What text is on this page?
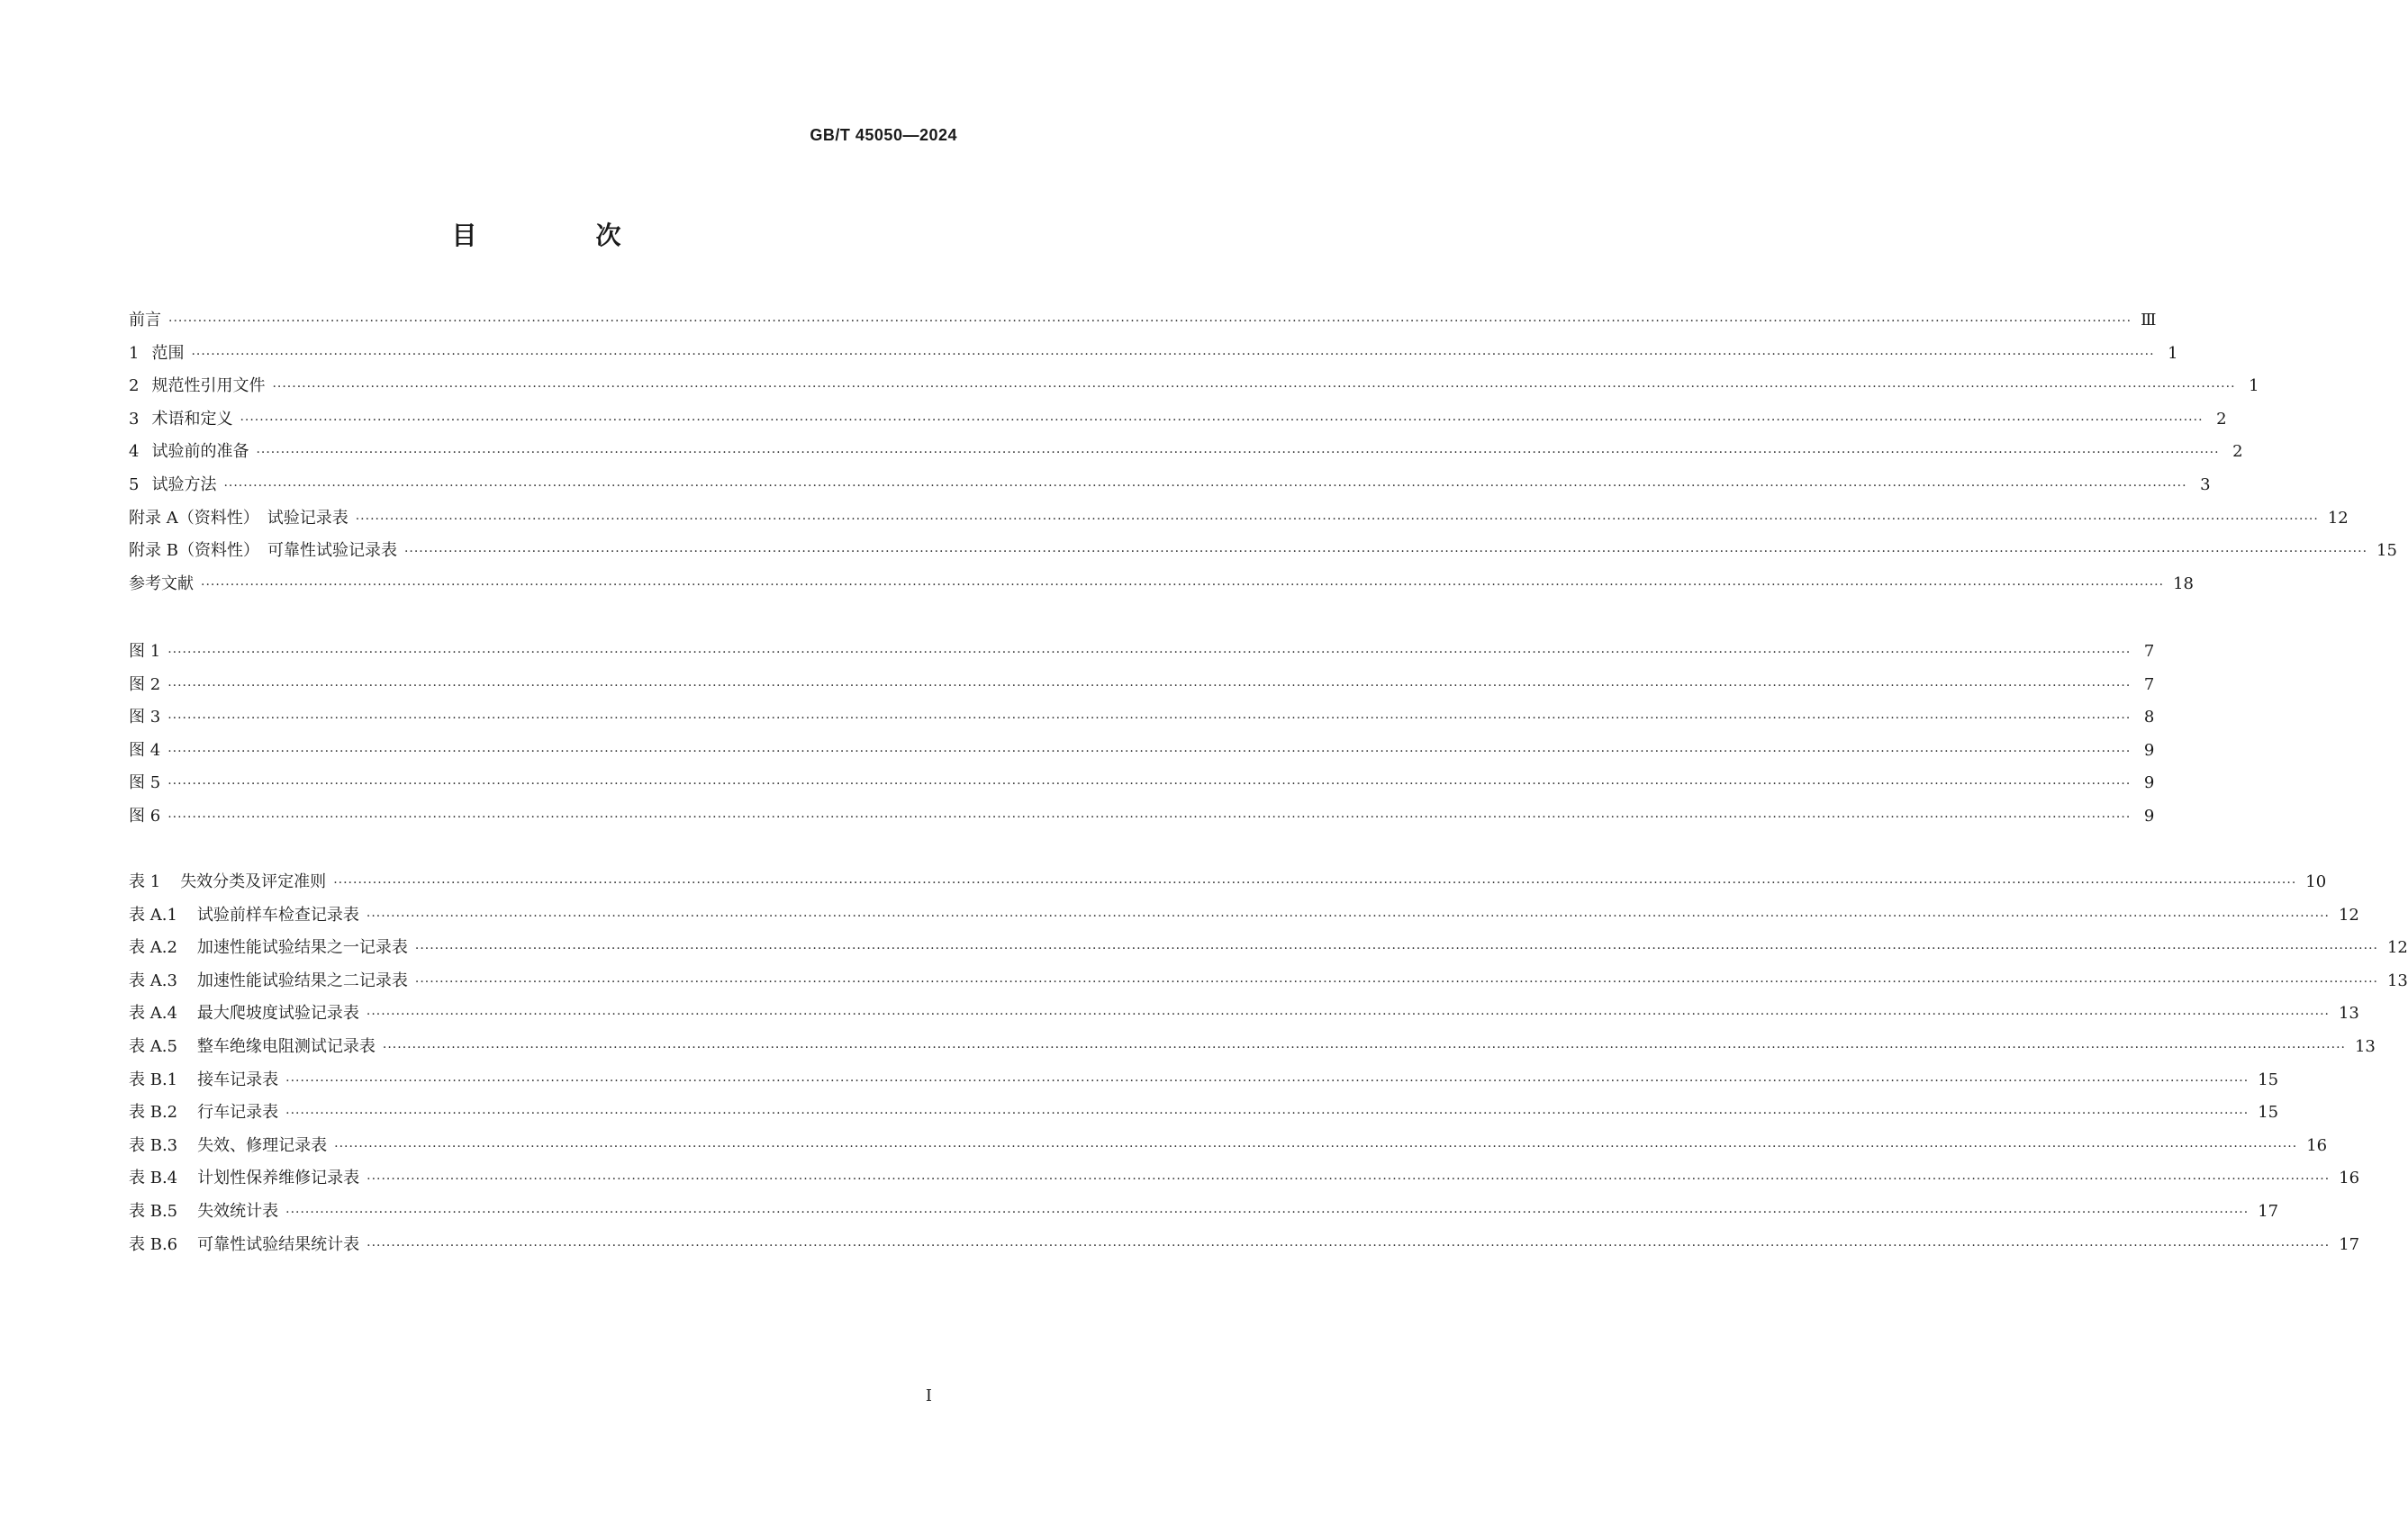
GB/T 45050—2024
目　次
前言 ················································································································································································································································································································································································································ Ⅲ
1 范围 ················································································································································································································································································································································································································ 1
2 规范性引用文件 ················································································································································································································································································································································································································ 1
3 术语和定义 ················································································································································································································································································································································································································ 2
4 试验前的准备 ················································································································································································································································································································································································································ 2
5 试验方法 ················································································································································································································································································································································································································ 3
附录 A（资料性）　试验记录表 ················································································································································································································································································································································································································ 12
附录 B（资料性）　可靠性试验记录表 ················································································································································································································································································································································································································ 15
参考文献 ················································································································································································································································································································································································································ 18
图 1 ················································································································································································································································································································································································································ 7
图 2 ················································································································································································································································································································································································································ 7
图 3 ················································································································································································································································································································································································································ 8
图 4 ················································································································································································································································································································································································································ 9
图 5 ················································································································································································································································································································································································································ 9
图 6 ················································································································································································································································································································································································································ 9
表 1 失效分类及评定准则 ················································································································································································································································································································································································································ 10
表 A.1 试验前样车检查记录表 ················································································································································································································································································································································································································ 12
表 A.2 加速性能试验结果之一记录表 ················································································································································································································································································································································································································ 12
表 A.3 加速性能试验结果之二记录表 ················································································································································································································································································································································································································ 13
表 A.4 最大爬坡度试验记录表 ················································································································································································································································································································································································································ 13
表 A.5 整车绝缘电阻测试记录表 ················································································································································································································································································································································································································ 13
表 B.1 接车记录表 ················································································································································································································································································································································································································ 15
表 B.2 行车记录表 ················································································································································································································································································································································································································ 15
表 B.3 失效、修理记录表 ················································································································································································································································································································································································································ 16
表 B.4 计划性保养维修记录表 ················································································································································································································································································································································································································ 16
表 B.5 失效统计表 ················································································································································································································································································································································································································ 17
表 B.6 可靠性试验结果统计表 ················································································································································································································································································································································································································ 17
Ⅰ
